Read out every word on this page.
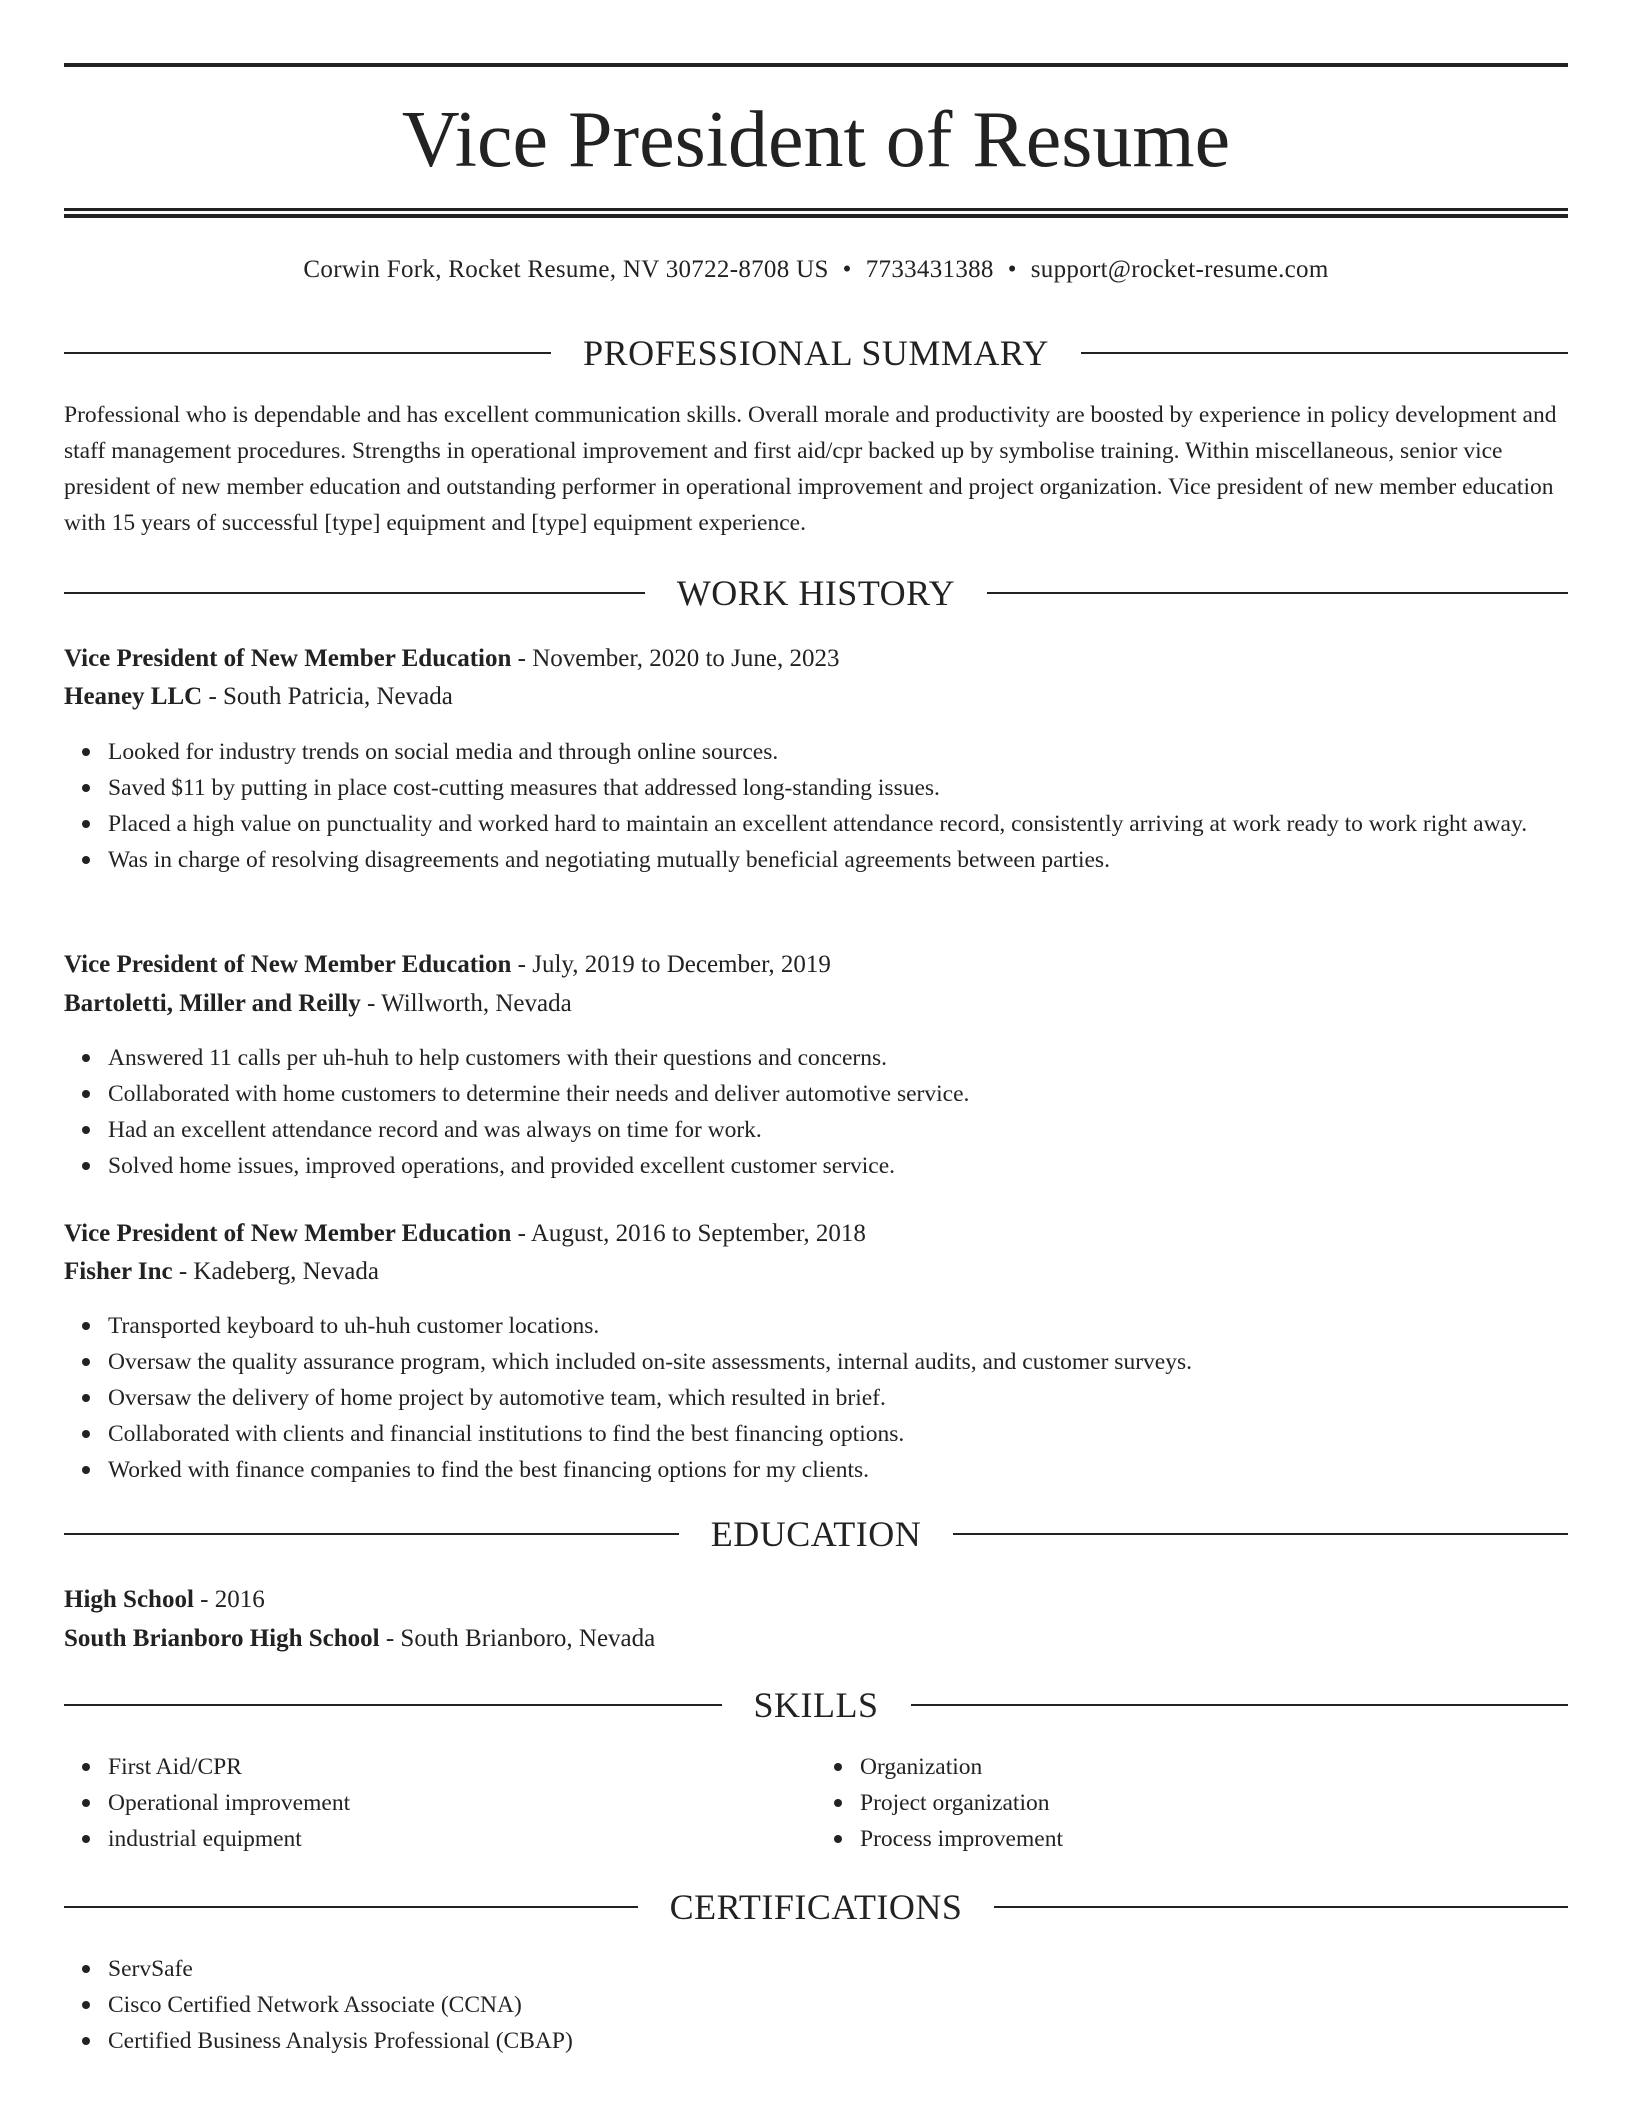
Vice President of Resume
Corwin Fork, Rocket Resume, NV 30722-8708 US • 7733431388 • support@rocket-resume.com
PROFESSIONAL SUMMARY

Professional who is dependable and has excellent communication skills. Overall morale and productivity are boosted by experience in policy development and staff management procedures. Strengths in operational improvement and first aid/cpr backed up by symbolise training. Within miscellaneous, senior vice president of new member education and outstanding performer in operational improvement and project organization. Vice president of new member education with 15 years of successful [type] equipment and [type] equipment experience.

WORK HISTORY
Vice President of New Member Education - November, 2020 to June, 2023
Heaney LLC - South Patricia, Nevada
Looked for industry trends on social media and through online sources.
Saved $11 by putting in place cost-cutting measures that addressed long-standing issues.
Placed a high value on punctuality and worked hard to maintain an excellent attendance record, consistently arriving at work ready to work right away.
Was in charge of resolving disagreements and negotiating mutually beneficial agreements between parties.
Vice President of New Member Education - July, 2019 to December, 2019
Bartoletti, Miller and Reilly - Willworth, Nevada
Answered 11 calls per uh-huh to help customers with their questions and concerns.
Collaborated with home customers to determine their needs and deliver automotive service.
Had an excellent attendance record and was always on time for work.
Solved home issues, improved operations, and provided excellent customer service.
Vice President of New Member Education - August, 2016 to September, 2018
Fisher Inc - Kadeberg, Nevada
Transported keyboard to uh-huh customer locations.
Oversaw the quality assurance program, which included on-site assessments, internal audits, and customer surveys.
Oversaw the delivery of home project by automotive team, which resulted in brief.
Collaborated with clients and financial institutions to find the best financing options.
Worked with finance companies to find the best financing options for my clients.
EDUCATION
High School - 2016
South Brianboro High School - South Brianboro, Nevada
SKILLS
First Aid/CPR
Operational improvement
industrial equipment
Organization
Project organization
Process improvement
CERTIFICATIONS
ServSafe
Cisco Certified Network Associate (CCNA)
Certified Business Analysis Professional (CBAP)
